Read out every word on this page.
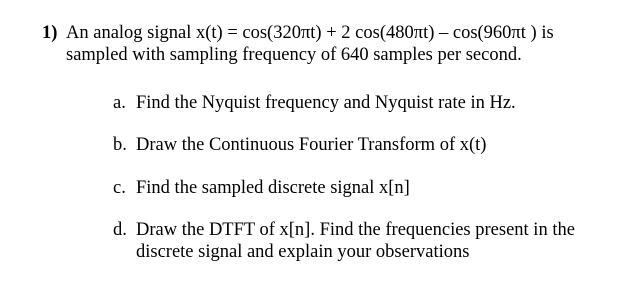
1) An analog signal x(t) = cos(320πt) + 2 cos(480πt) – cos(960πt ) is
sampled with sampling frequency of 640 samples per second.
a. Find the Nyquist frequency and Nyquist rate in Hz.
b. Draw the Continuous Fourier Transform of x(t)
c. Find the sampled discrete signal x[n]
d. Draw the DTFT of x[n]. Find the frequencies present in the
discrete signal and explain your observations
